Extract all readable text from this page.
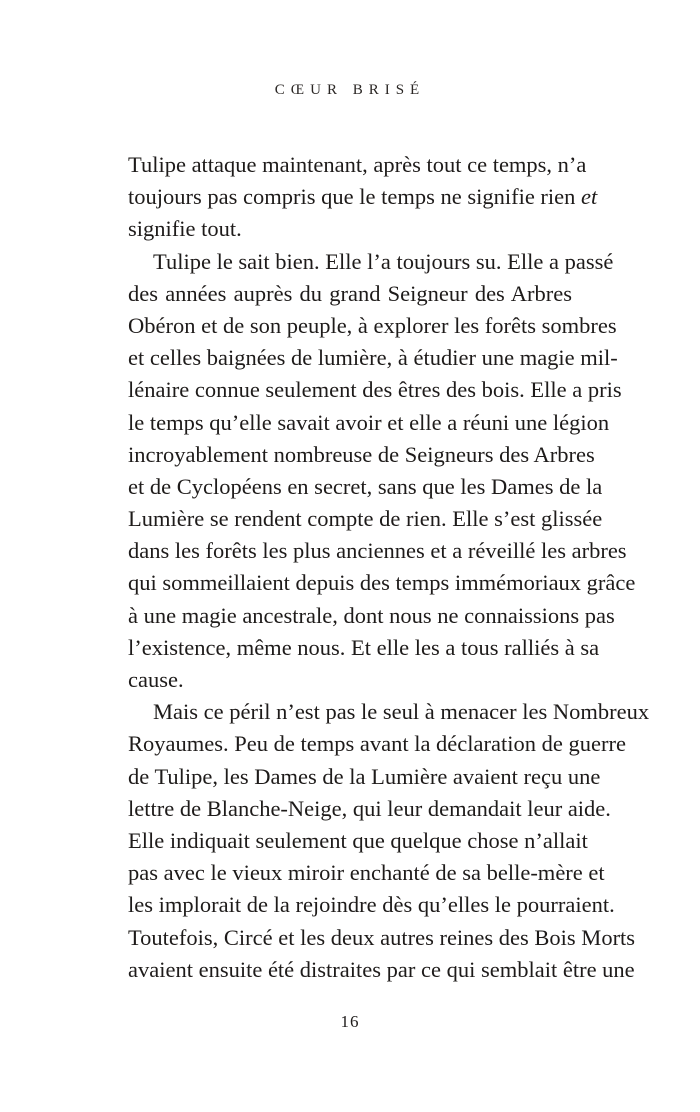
CŒUR BRISÉ
Tulipe attaque maintenant, après tout ce temps, n’a
toujours pas compris que le temps ne signifie rien et
signifie tout.
Tulipe le sait bien. Elle l’a toujours su. Elle a passé
des années auprès du grand Seigneur des Arbres
Obéron et de son peuple, à explorer les forêts sombres
et celles baignées de lumière, à étudier une magie mil-
lénaire connue seulement des êtres des bois. Elle a pris
le temps qu’elle savait avoir et elle a réuni une légion
incroyablement nombreuse de Seigneurs des Arbres
et de Cyclopéens en secret, sans que les Dames de la
Lumière se rendent compte de rien. Elle s’est glissée
dans les forêts les plus anciennes et a réveillé les arbres
qui sommeillaient depuis des temps immémoriaux grâce
à une magie ancestrale, dont nous ne connaissions pas
l’existence, même nous. Et elle les a tous ralliés à sa
cause.
Mais ce péril n’est pas le seul à menacer les Nombreux
Royaumes. Peu de temps avant la déclaration de guerre
de Tulipe, les Dames de la Lumière avaient reçu une
lettre de Blanche-Neige, qui leur demandait leur aide.
Elle indiquait seulement que quelque chose n’allait
pas avec le vieux miroir enchanté de sa belle-mère et
les implorait de la rejoindre dès qu’elles le pourraient.
Toutefois, Circé et les deux autres reines des Bois Morts
avaient ensuite été distraites par ce qui semblait être une
16
